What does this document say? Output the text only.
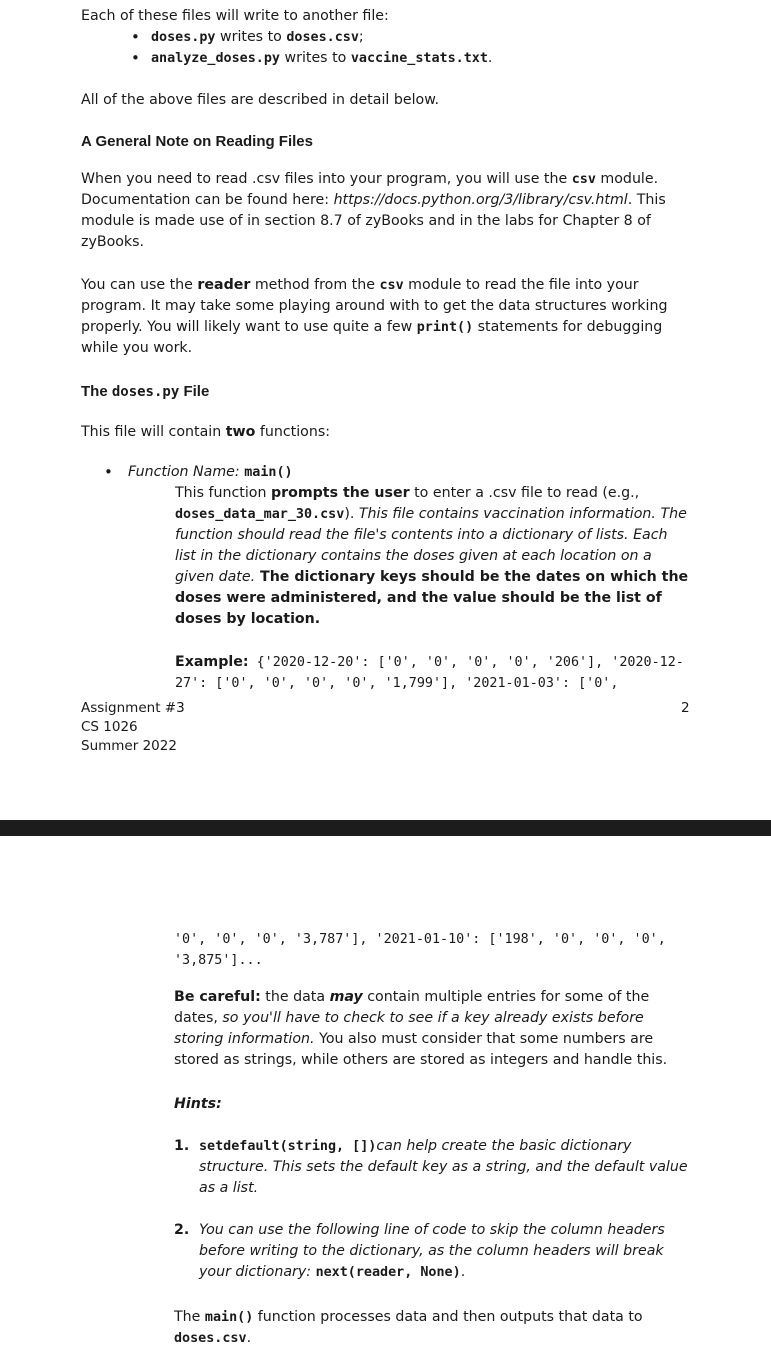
Each of these files will write to another file:
• doses.py writes to doses.csv;
• analyze_doses.py writes to vaccine_stats.txt.
All of the above files are described in detail below.
A General Note on Reading Files
When you need to read .csv files into your program, you will use the csv module. Documentation can be found here: https://docs.python.org/3/library/csv.html. This module is made use of in section 8.7 of zyBooks and in the labs for Chapter 8 of zyBooks.
You can use the reader method from the csv module to read the file into your program. It may take some playing around with to get the data structures working properly. You will likely want to use quite a few print() statements for debugging while you work.
The doses.py File
This file will contain two functions:
• Function Name: main()
This function prompts the user to enter a .csv file to read (e.g., doses_data_mar_30.csv). This file contains vaccination information. The function should read the file's contents into a dictionary of lists. Each list in the dictionary contains the doses given at each location on a given date. The dictionary keys should be the dates on which the doses were administered, and the value should be the list of doses by location.
Example: {'2020-12-20': ['0', '0', '0', '0', '206'], '2020-12-27': ['0', '0', '0', '0', '1,799'], '2021-01-03': ['0',
Assignment #3
CS 1026
Summer 2022
2
'0', '0', '0', '3,787'], '2021-01-10': ['198', '0', '0', '0', '3,875']...
Be careful: the data may contain multiple entries for some of the dates, so you'll have to check to see if a key already exists before storing information. You also must consider that some numbers are stored as strings, while others are stored as integers and handle this.
Hints:
1. setdefault(string, [])can help create the basic dictionary structure. This sets the default key as a string, and the default value as a list.
2. You can use the following line of code to skip the column headers before writing to the dictionary, as the column headers will break your dictionary: next(reader, None).
The main() function processes data and then outputs that data to doses.csv.
